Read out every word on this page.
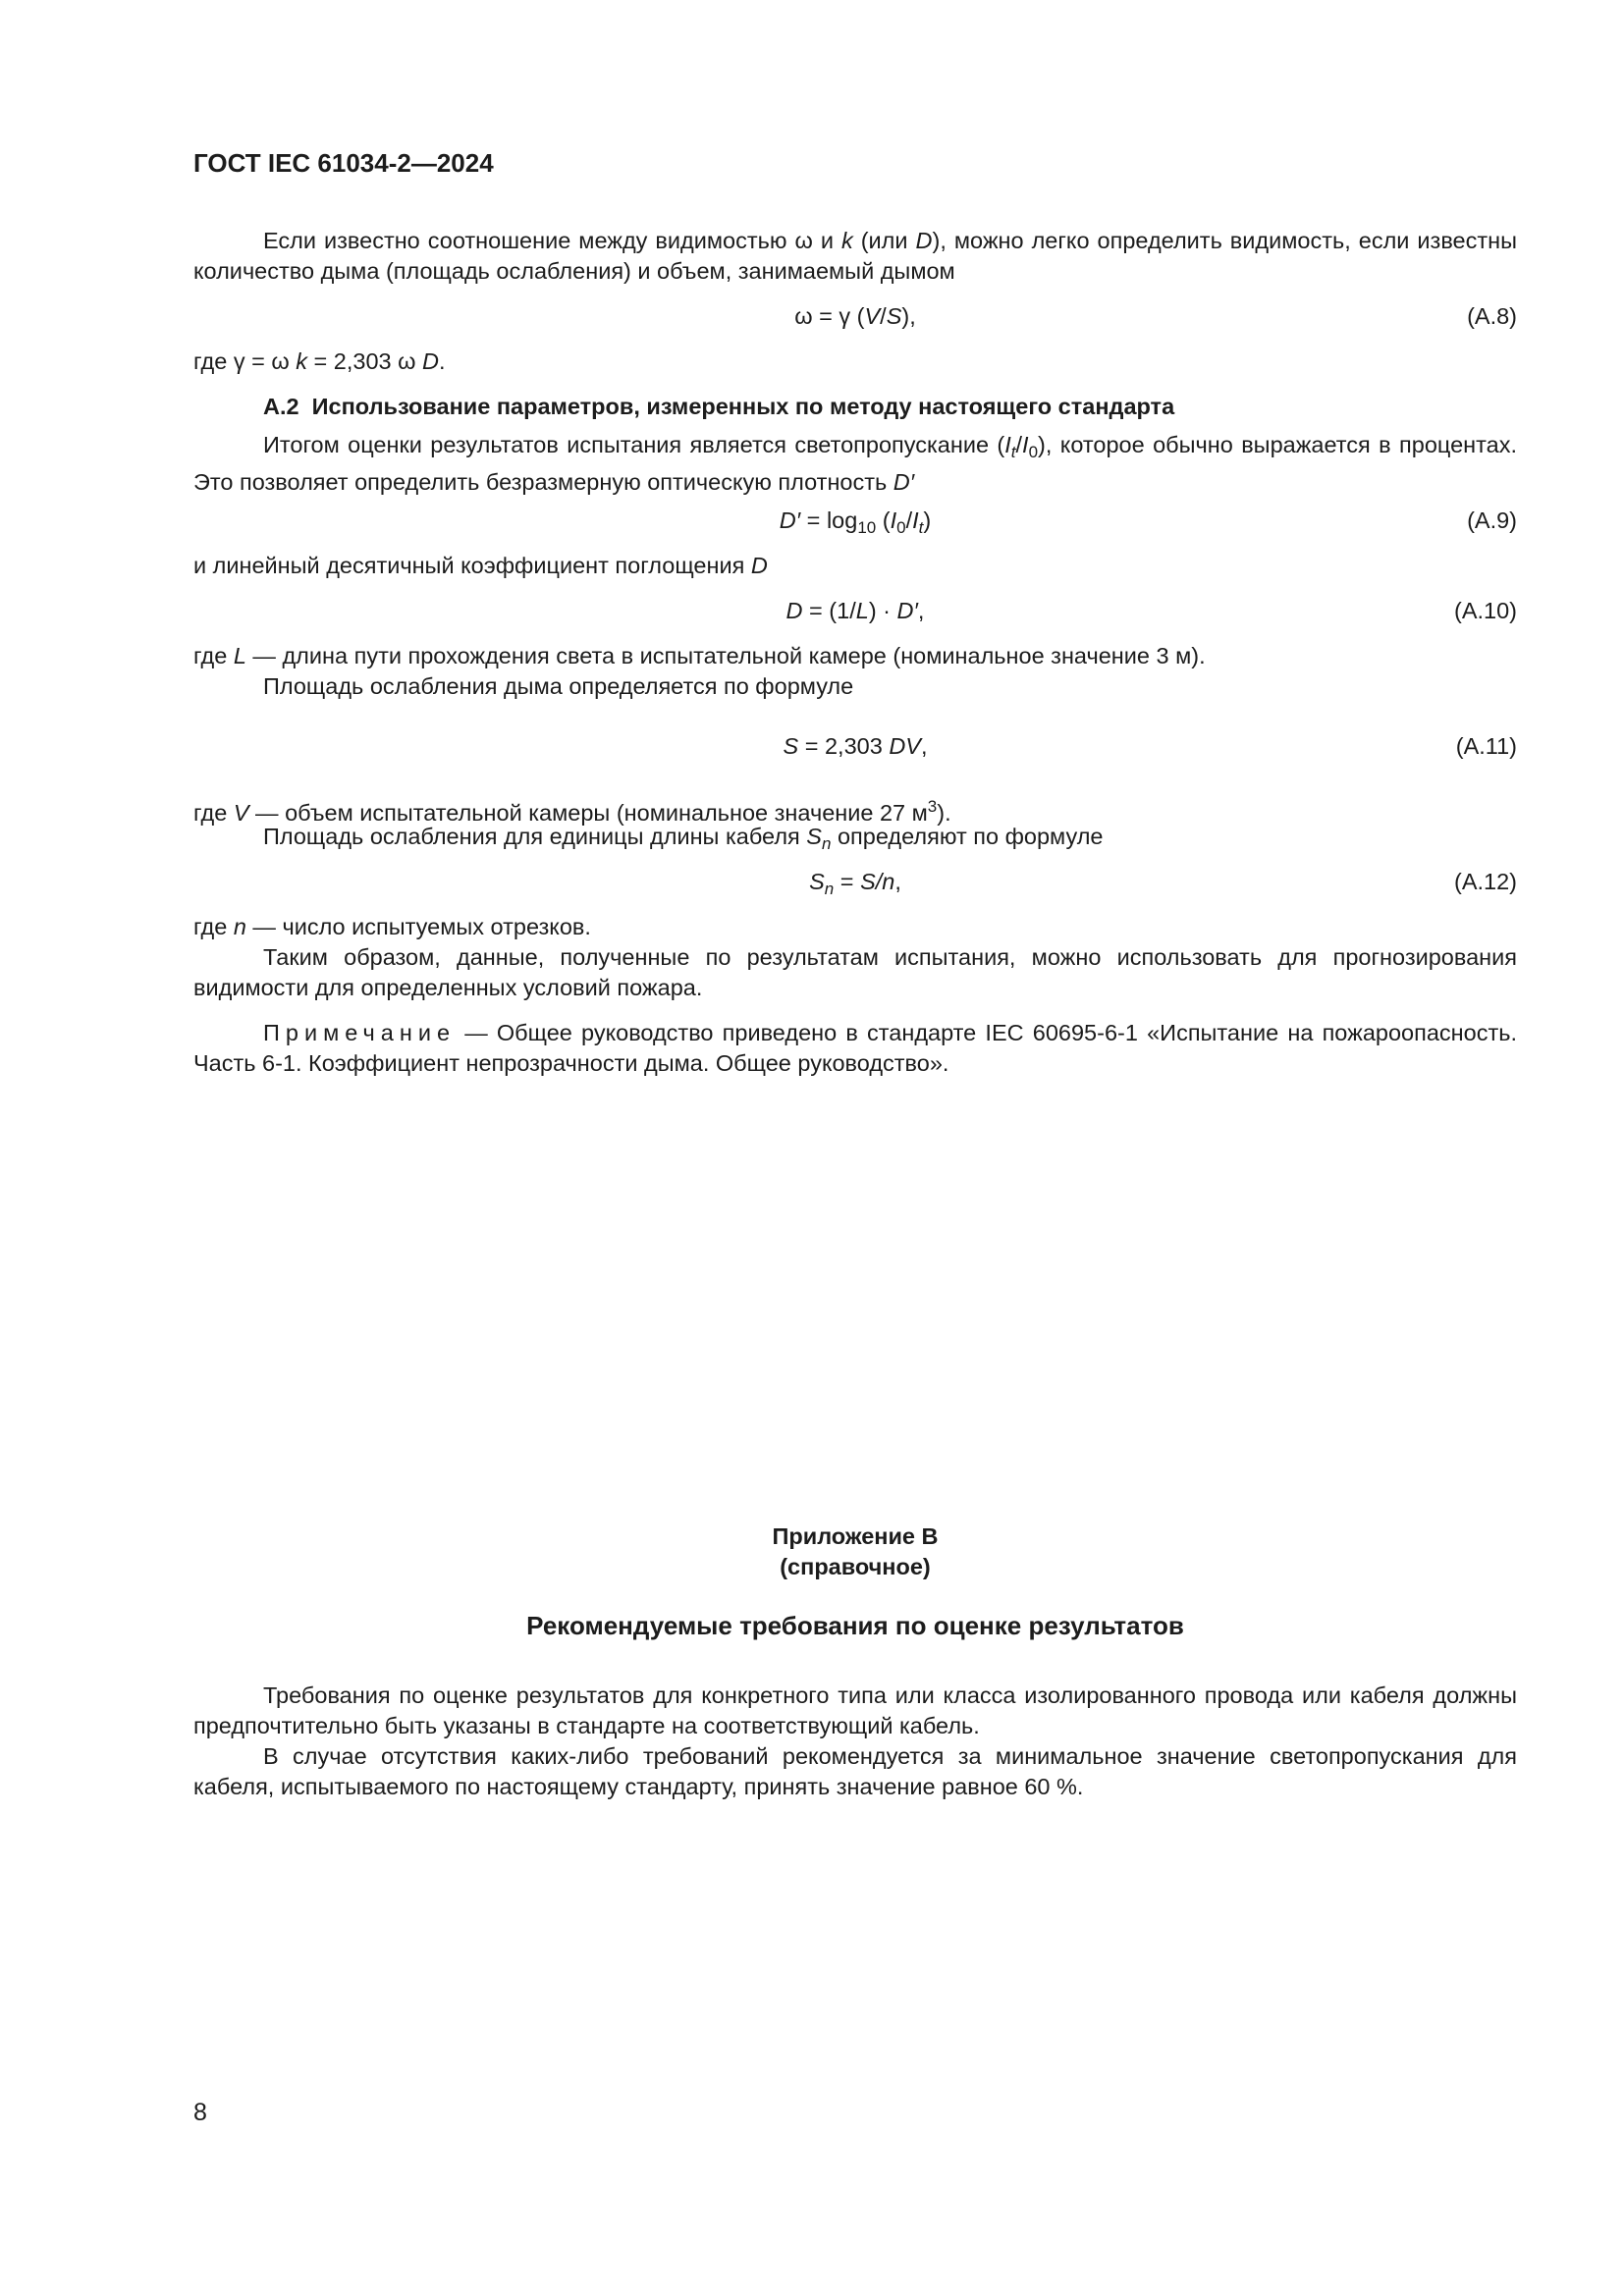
ГОСТ IEC 61034-2—2024
Если известно соотношение между видимостью ω и k (или D), можно легко определить видимость, если известны количество дыма (площадь ослабления) и объем, занимаемый дымом
ω = γ (V/S),	(А.8)
где γ = ω k = 2,303 ω D.
А.2 Использование параметров, измеренных по методу настоящего стандарта
Итогом оценки результатов испытания является светопропускание $(I_t/I_0)$, которое обычно выражается в процентах. Это позволяет определить безразмерную оптическую плотность D′
$D' = \log_{10} (I_0/I_t)$	(А.9)
и линейный десятичный коэффициент поглощения D
D = (1/L) · D′,	(А.10)
где L — длина пути прохождения света в испытательной камере (номинальное значение 3 м).
Площадь ослабления дыма определяется по формуле
S = 2,303 DV,	(А.11)
где V — объем испытательной камеры (номинальное значение 27 $м^3$).
Площадь ослабления для единицы длины кабеля $S_n$ определяют по формуле
$S_n = S/n$,	(А.12)
где n — число испытуемых отрезков.
Таким образом, данные, полученные по результатам испытания, можно использовать для прогнозирования видимости для определенных условий пожара.
Примечание — Общее руководство приведено в стандарте IEC 60695-6-1 «Испытание на пожароопасность. Часть 6-1. Коэффициент непрозрачности дыма. Общее руководство».
Приложение В
(справочное)
Рекомендуемые требования по оценке результатов
Требования по оценке результатов для конкретного типа или класса изолированного провода или кабеля должны предпочтительно быть указаны в стандарте на соответствующий кабель.
В случае отсутствия каких-либо требований рекомендуется за минимальное значение светопропускания для кабеля, испытываемого по настоящему стандарту, принять значение равное 60 %.
8
